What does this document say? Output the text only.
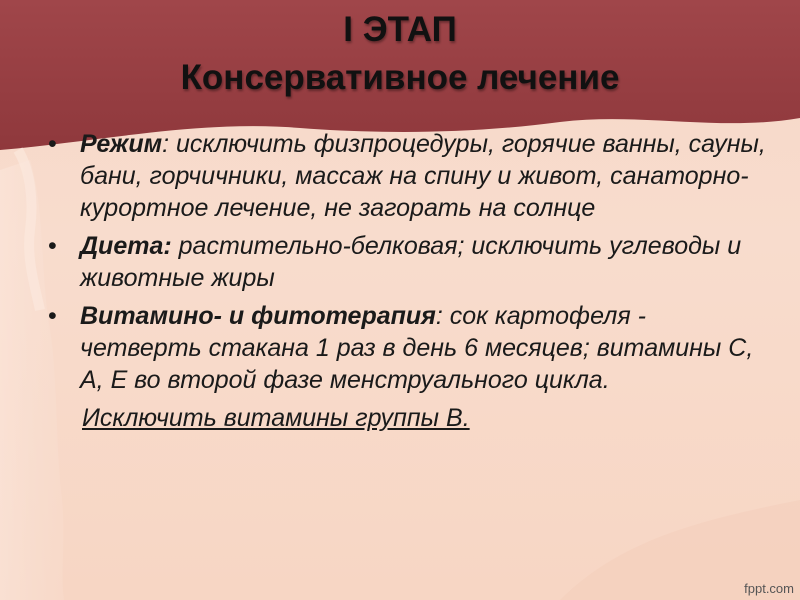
I ЭТАП
Консервативное лечение
• Режим: исключить физпроцедуры, горячие ванны, сауны, бани, горчичники, массаж на спину и живот, санаторно-курортное лечение, не загорать на солнце
• Диета: растительно-белковая; исключить углеводы и животные жиры
• Витамино- и фитотерапия: сок картофеля - четверть стакана 1 раз в день 6 месяцев; витамины С, А, Е во второй фазе менструального цикла.
Исключить витамины группы В.
fppt.com
